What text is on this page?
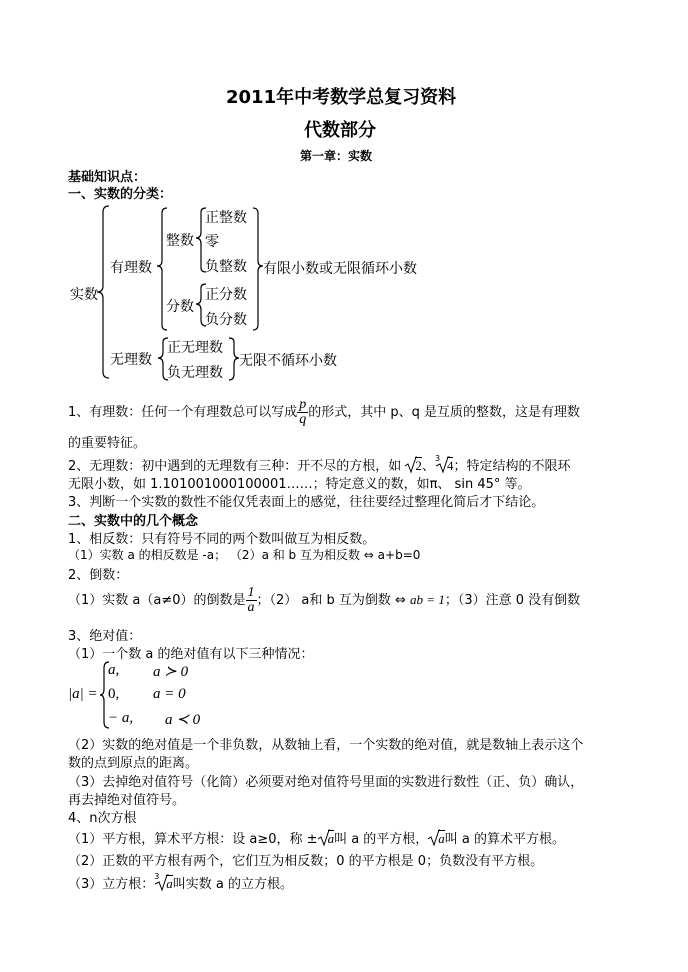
2011年中考数学总复习资料
代数部分
第一章：实数
基础知识点：
一、实数的分类：
实数
有理数
整数
正整数
零
负整数
分数
正分数
负分数
有限小数或无限循环小数
无理数
正无理数
负无理数
无限不循环小数
1、有理数：任何一个有理数总可以写成 $\frac{p}{q}$ 的形式，其中 p、q 是互质的整数，这是有理数
的重要特征。
2、无理数：初中遇到的无理数有三种：开不尽的方根，如 2、
3 4；特定结构的不限环
无限小数，如 1.101001000100001……；特定意义的数，如π、 sin 45° 等。
3、判断一个实数的数性不能仅凭表面上的感觉，往往要经过整理化简后才下结论。
二、实数中的几个概念
1、相反数：只有符号不同的两个数叫做互为相反数。
（1）实数 a 的相反数是 -a； （2）a 和 b 互为相反数 ⇔ a+b=0
2、倒数：
（1）实数 a（a≠0）的倒数是 $\frac{1}{a}$ ；（2） a和 b 互为倒数 ⇔ ab = 1；（3）注意 0 没有倒数
3、绝对值：
（1）一个数 a 的绝对值有以下三种情况：
|a| =
a, a ≻ 0
0, a = 0
− a, a ≺ 0
（2）实数的绝对值是一个非负数，从数轴上看，一个实数的绝对值，就是数轴上表示这个
数的点到原点的距离。
（3）去掉绝对值符号（化简）必须要对绝对值符号里面的实数进行数性（正、负）确认，
再去掉绝对值符号。
4、n次方根
（1）平方根，算术平方根：设 a≥0，称 ± a叫 a 的平方根， a叫 a 的算术平方根。
（2）正数的平方根有两个，它们互为相反数；0 的平方根是 0；负数没有平方根。
（3）立方根：
3 a叫实数 a 的立方根。
